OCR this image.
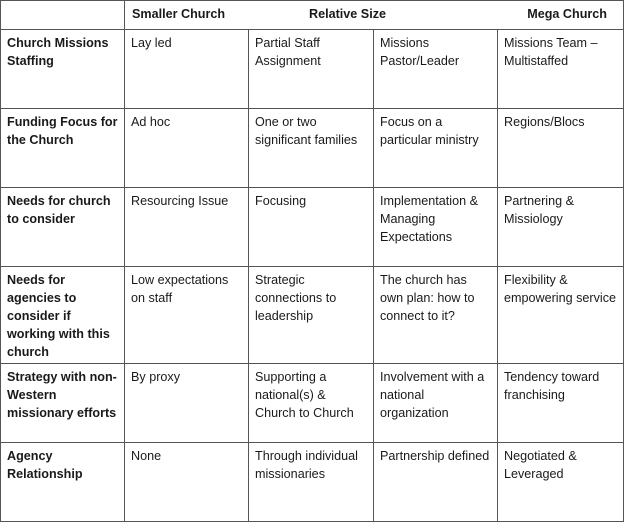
	Smaller Church Relative Size Mega Church			

Church Missions Staffing	Lay led	Partial Staff Assignment	Missions Pastor/Leader	Missions Team – Multistaffed
Funding Focus for the Church	Ad hoc	One or two significant families	Focus on a particular ministry	Regions/Blocs
Needs for church to consider	Resourcing Issue	Focusing	Implementation & Managing Expectations	Partnering & Missiology
Needs for agencies to consider if working with this church	Low expectations on staff	Strategic connections to leadership	The church has own plan: how to connect to it?	Flexibility & empowering service
Strategy with non-Western missionary efforts	By proxy	Supporting a national(s) & Church to Church	Involvement with a national organization	Tendency toward franchising
Agency Relationship	None	Through individual missionaries	Partnership defined	Negotiated & Leveraged
